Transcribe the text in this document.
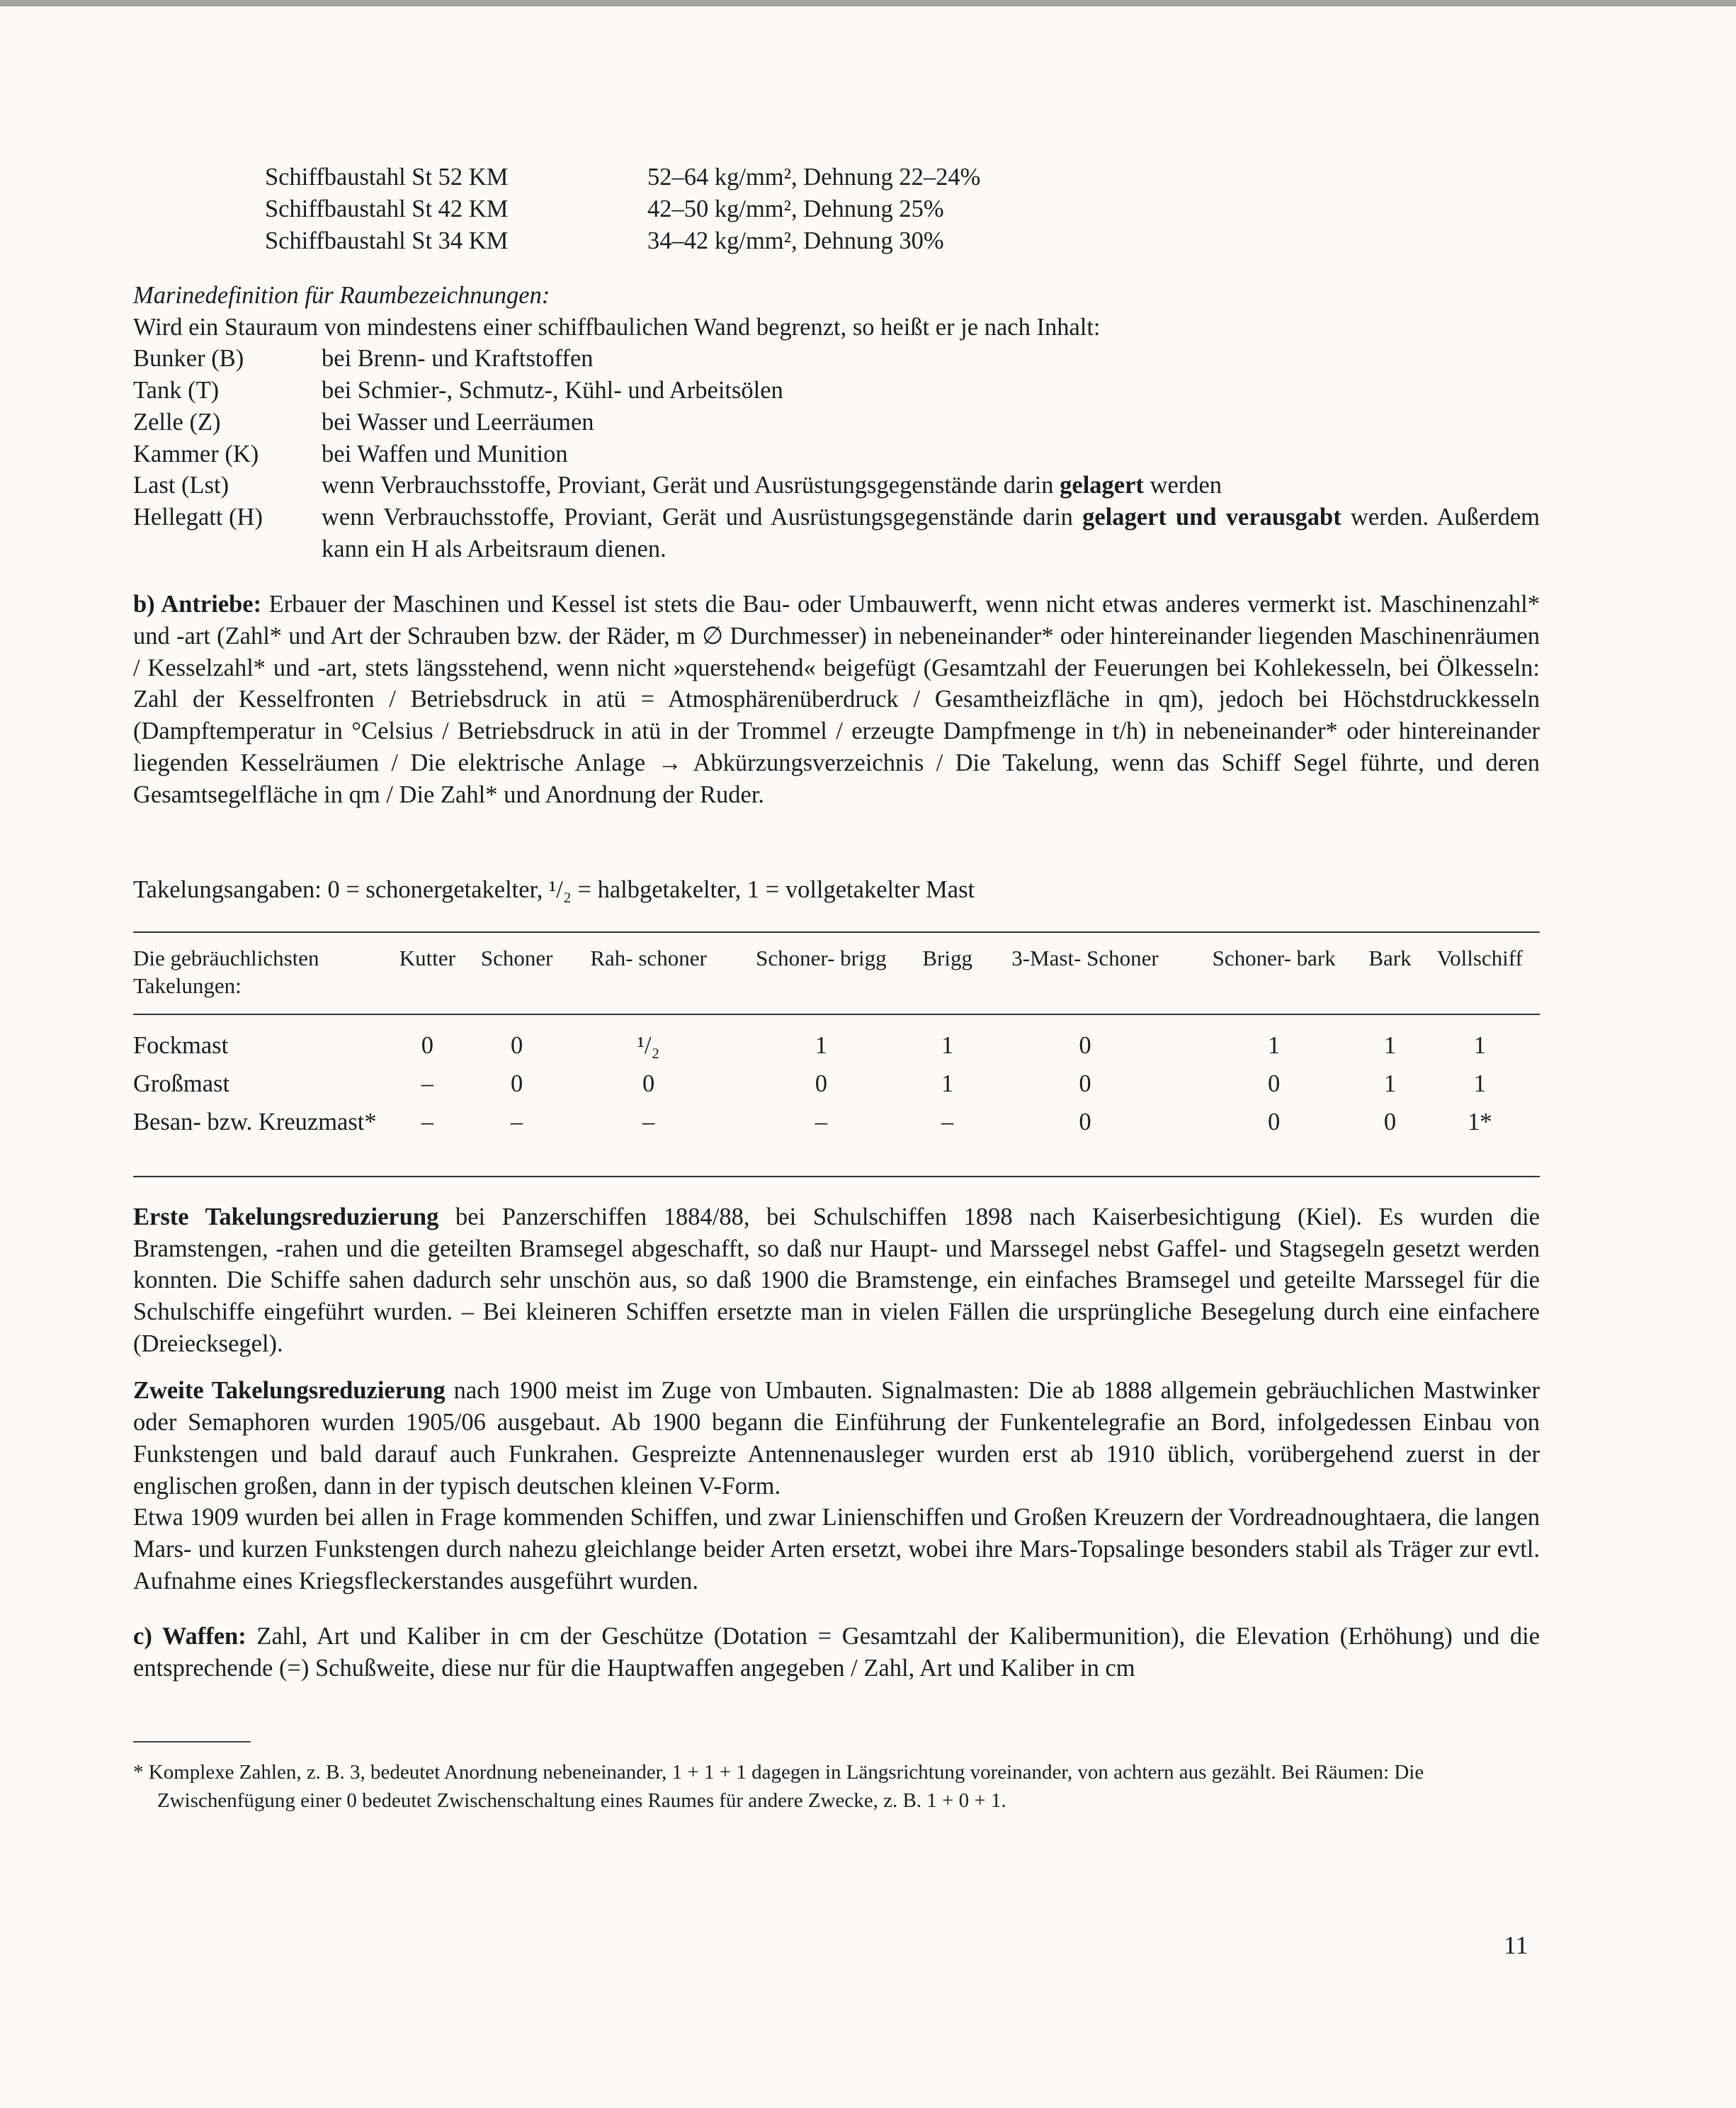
Schiffbaustahl St 52 KM	52–64 kg/mm², Dehnung 22–24%
Schiffbaustahl St 42 KM	42–50 kg/mm², Dehnung 25%
Schiffbaustahl St 34 KM	34–42 kg/mm², Dehnung 30%

Marinedefinition für Raumbezeichnungen:

Wird ein Stauraum von mindestens einer schiffbaulichen Wand begrenzt, so heißt er je nach Inhalt:

Bunker (B)	bei Brenn- und Kraftstoffen
Tank (T)	bei Schmier-, Schmutz-, Kühl- und Arbeitsölen
Zelle (Z)	bei Wasser und Leerräumen
Kammer (K)	bei Waffen und Munition
Last (Lst)	wenn Verbrauchsstoffe, Proviant, Gerät und Ausrüstungsgegenstände darin gelagert werden
Hellegatt (H)	wenn Verbrauchsstoffe, Proviant, Gerät und Ausrüstungsgegenstände darin gelagert und verausgabt werden. Außerdem kann ein H als Arbeitsraum dienen.

b) Antriebe: Erbauer der Maschinen und Kessel ist stets die Bau- oder Umbauwerft, wenn nicht etwas anderes vermerkt ist. Maschinenzahl* und -art (Zahl* und Art der Schrauben bzw. der Räder, m ∅ Durchmesser) in nebeneinander* oder hintereinander liegenden Maschinenräumen / Kesselzahl* und -art, stets längsstehend, wenn nicht »querstehend« beigefügt (Gesamtzahl der Feuerungen bei Kohlekesseln, bei Ölkesseln: Zahl der Kesselfronten / Betriebsdruck in atü = Atmosphärenüberdruck / Gesamtheizfläche in qm), jedoch bei Höchstdruckkesseln (Dampftemperatur in °Celsius / Betriebsdruck in atü in der Trommel / erzeugte Dampfmenge in t/h) in nebeneinander* oder hintereinander liegenden Kesselräumen / Die elektrische Anlage → Abkürzungsverzeichnis / Die Takelung, wenn das Schiff Segel führte, und deren Gesamtsegelfläche in qm / Die Zahl* und Anordnung der Ruder.

Takelungsangaben: 0 = schonergetakelter, ¹/₂ = halbgetakelter, 1 = vollgetakelter Mast

Die gebräuchlichsten Takelungen:	Kutter	Schoner	Rah- schoner	Schoner- brigg	Brigg	3-Mast- Schoner	Schoner- bark	Bark	Vollschiff
Fockmast	0	0	¹/₂	1	1	0	1	1	1
Großmast	–	0	0	0	1	0	0	1	1
Besan- bzw. Kreuzmast*	–	–	–	–	–	0	0	0	1*

Erste Takelungsreduzierung bei Panzerschiffen 1884/88, bei Schulschiffen 1898 nach Kaiserbesichtigung (Kiel). Es wurden die Bramstengen, -rahen und die geteilten Bramsegel abgeschafft, so daß nur Haupt- und Marssegel nebst Gaffel- und Stagsegeln gesetzt werden konnten. Die Schiffe sahen dadurch sehr unschön aus, so daß 1900 die Bramstenge, ein einfaches Bramsegel und geteilte Marssegel für die Schulschiffe eingeführt wurden. – Bei kleineren Schiffen ersetzte man in vielen Fällen die ursprüngliche Besegelung durch eine einfachere (Dreiecksegel).

Zweite Takelungsreduzierung nach 1900 meist im Zuge von Umbauten. Signalmasten: Die ab 1888 allgemein gebräuchlichen Mastwinker oder Semaphoren wurden 1905/06 ausgebaut. Ab 1900 begann die Einführung der Funkentelegrafie an Bord, infolgedessen Einbau von Funkstengen und bald darauf auch Funkrahen. Gespreizte Antennenausleger wurden erst ab 1910 üblich, vorübergehend zuerst in der englischen großen, dann in der typisch deutschen kleinen V-Form.

Etwa 1909 wurden bei allen in Frage kommenden Schiffen, und zwar Linienschiffen und Großen Kreuzern der Vordreadnoughtaera, die langen Mars- und kurzen Funkstengen durch nahezu gleichlange beider Arten ersetzt, wobei ihre Mars-Topsalinge besonders stabil als Träger zur evtl. Aufnahme eines Kriegsfleckerstandes ausgeführt wurden.

c) Waffen: Zahl, Art und Kaliber in cm der Geschütze (Dotation = Gesamtzahl der Kalibermunition), die Elevation (Erhöhung) und die entsprechende (=) Schußweite, diese nur für die Hauptwaffen angegeben / Zahl, Art und Kaliber in cm

* Komplexe Zahlen, z. B. 3, bedeutet Anordnung nebeneinander, 1 + 1 + 1 dagegen in Längsrichtung voreinander, von achtern aus gezählt. Bei Räumen: Die Zwischenfügung einer 0 bedeutet Zwischenschaltung eines Raumes für andere Zwecke, z. B. 1 + 0 + 1.

11
